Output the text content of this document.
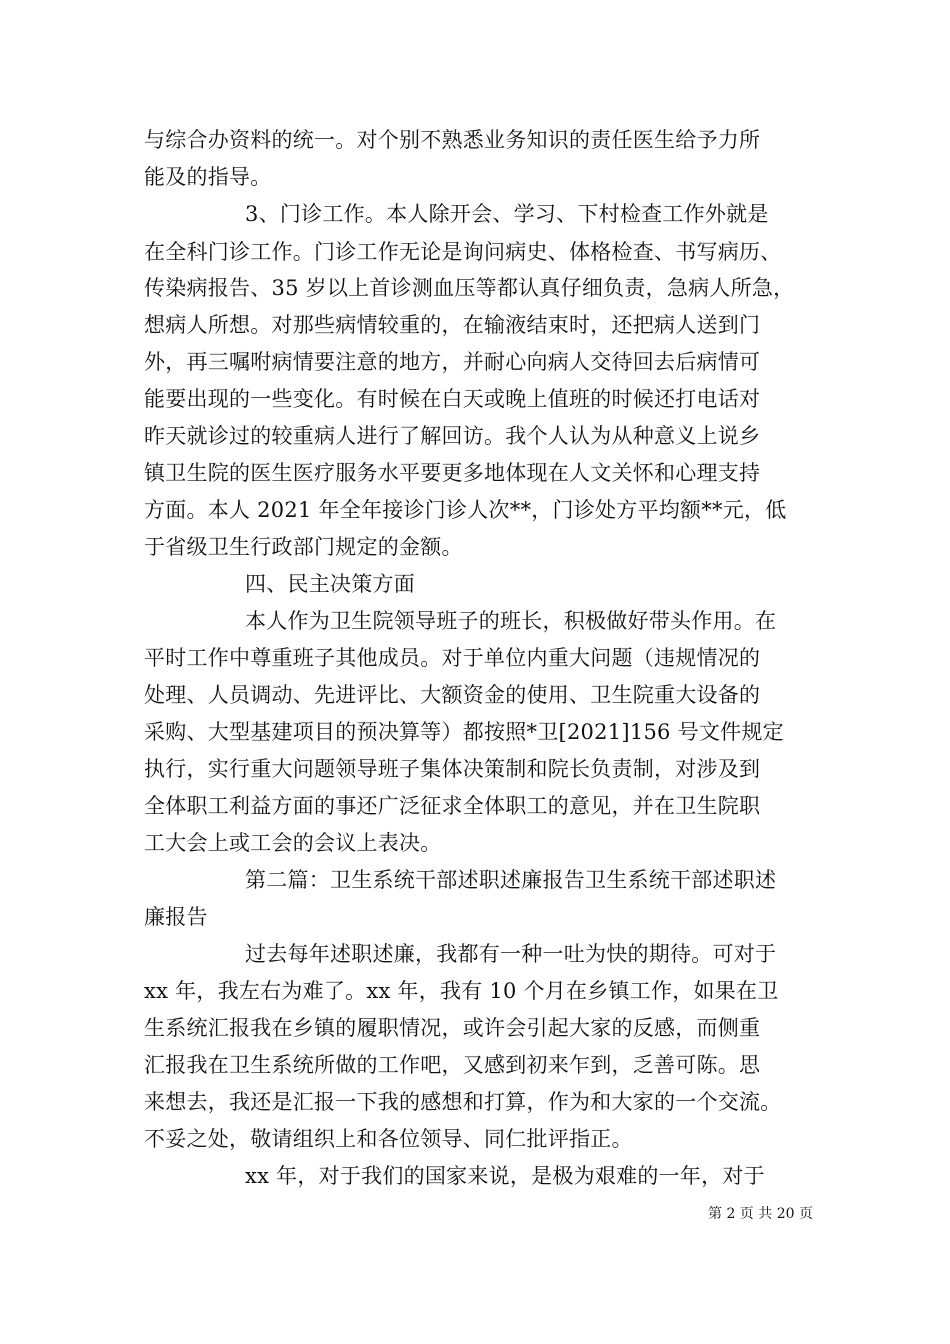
与综合办资料的统一。对个别不熟悉业务知识的责任医生给予力所
能及的指导。
3、门诊工作。本人除开会、学习、下村检查工作外就是
在全科门诊工作。门诊工作无论是询问病史、体格检查、书写病历、
传染病报告、35 岁以上首诊测血压等都认真仔细负责，急病人所急，
想病人所想。对那些病情较重的，在输液结束时，还把病人送到门
外，再三嘱咐病情要注意的地方，并耐心向病人交待回去后病情可
能要出现的一些变化。有时候在白天或晚上值班的时候还打电话对
昨天就诊过的较重病人进行了解回访。我个人认为从种意义上说乡
镇卫生院的医生医疗服务水平要更多地体现在人文关怀和心理支持
方面。本人 2021 年全年接诊门诊人次**，门诊处方平均额**元，低
于省级卫生行政部门规定的金额。
四、民主决策方面
本人作为卫生院领导班子的班长，积极做好带头作用。在
平时工作中尊重班子其他成员。对于单位内重大问题（违规情况的
处理、人员调动、先进评比、大额资金的使用、卫生院重大设备的
采购、大型基建项目的预决算等）都按照*卫[2021]156 号文件规定
执行，实行重大问题领导班子集体决策制和院长负责制，对涉及到
全体职工利益方面的事还广泛征求全体职工的意见，并在卫生院职
工大会上或工会的会议上表决。
第二篇：卫生系统干部述职述廉报告卫生系统干部述职述
廉报告
过去每年述职述廉，我都有一种一吐为快的期待。可对于
xx 年，我左右为难了。xx 年，我有 10 个月在乡镇工作，如果在卫
生系统汇报我在乡镇的履职情况，或许会引起大家的反感，而侧重
汇报我在卫生系统所做的工作吧，又感到初来乍到，乏善可陈。思
来想去，我还是汇报一下我的感想和打算，作为和大家的一个交流。
不妥之处，敬请组织上和各位领导、同仁批评指正。
xx 年，对于我们的国家来说，是极为艰难的一年，对于
第 2 页 共 20 页
